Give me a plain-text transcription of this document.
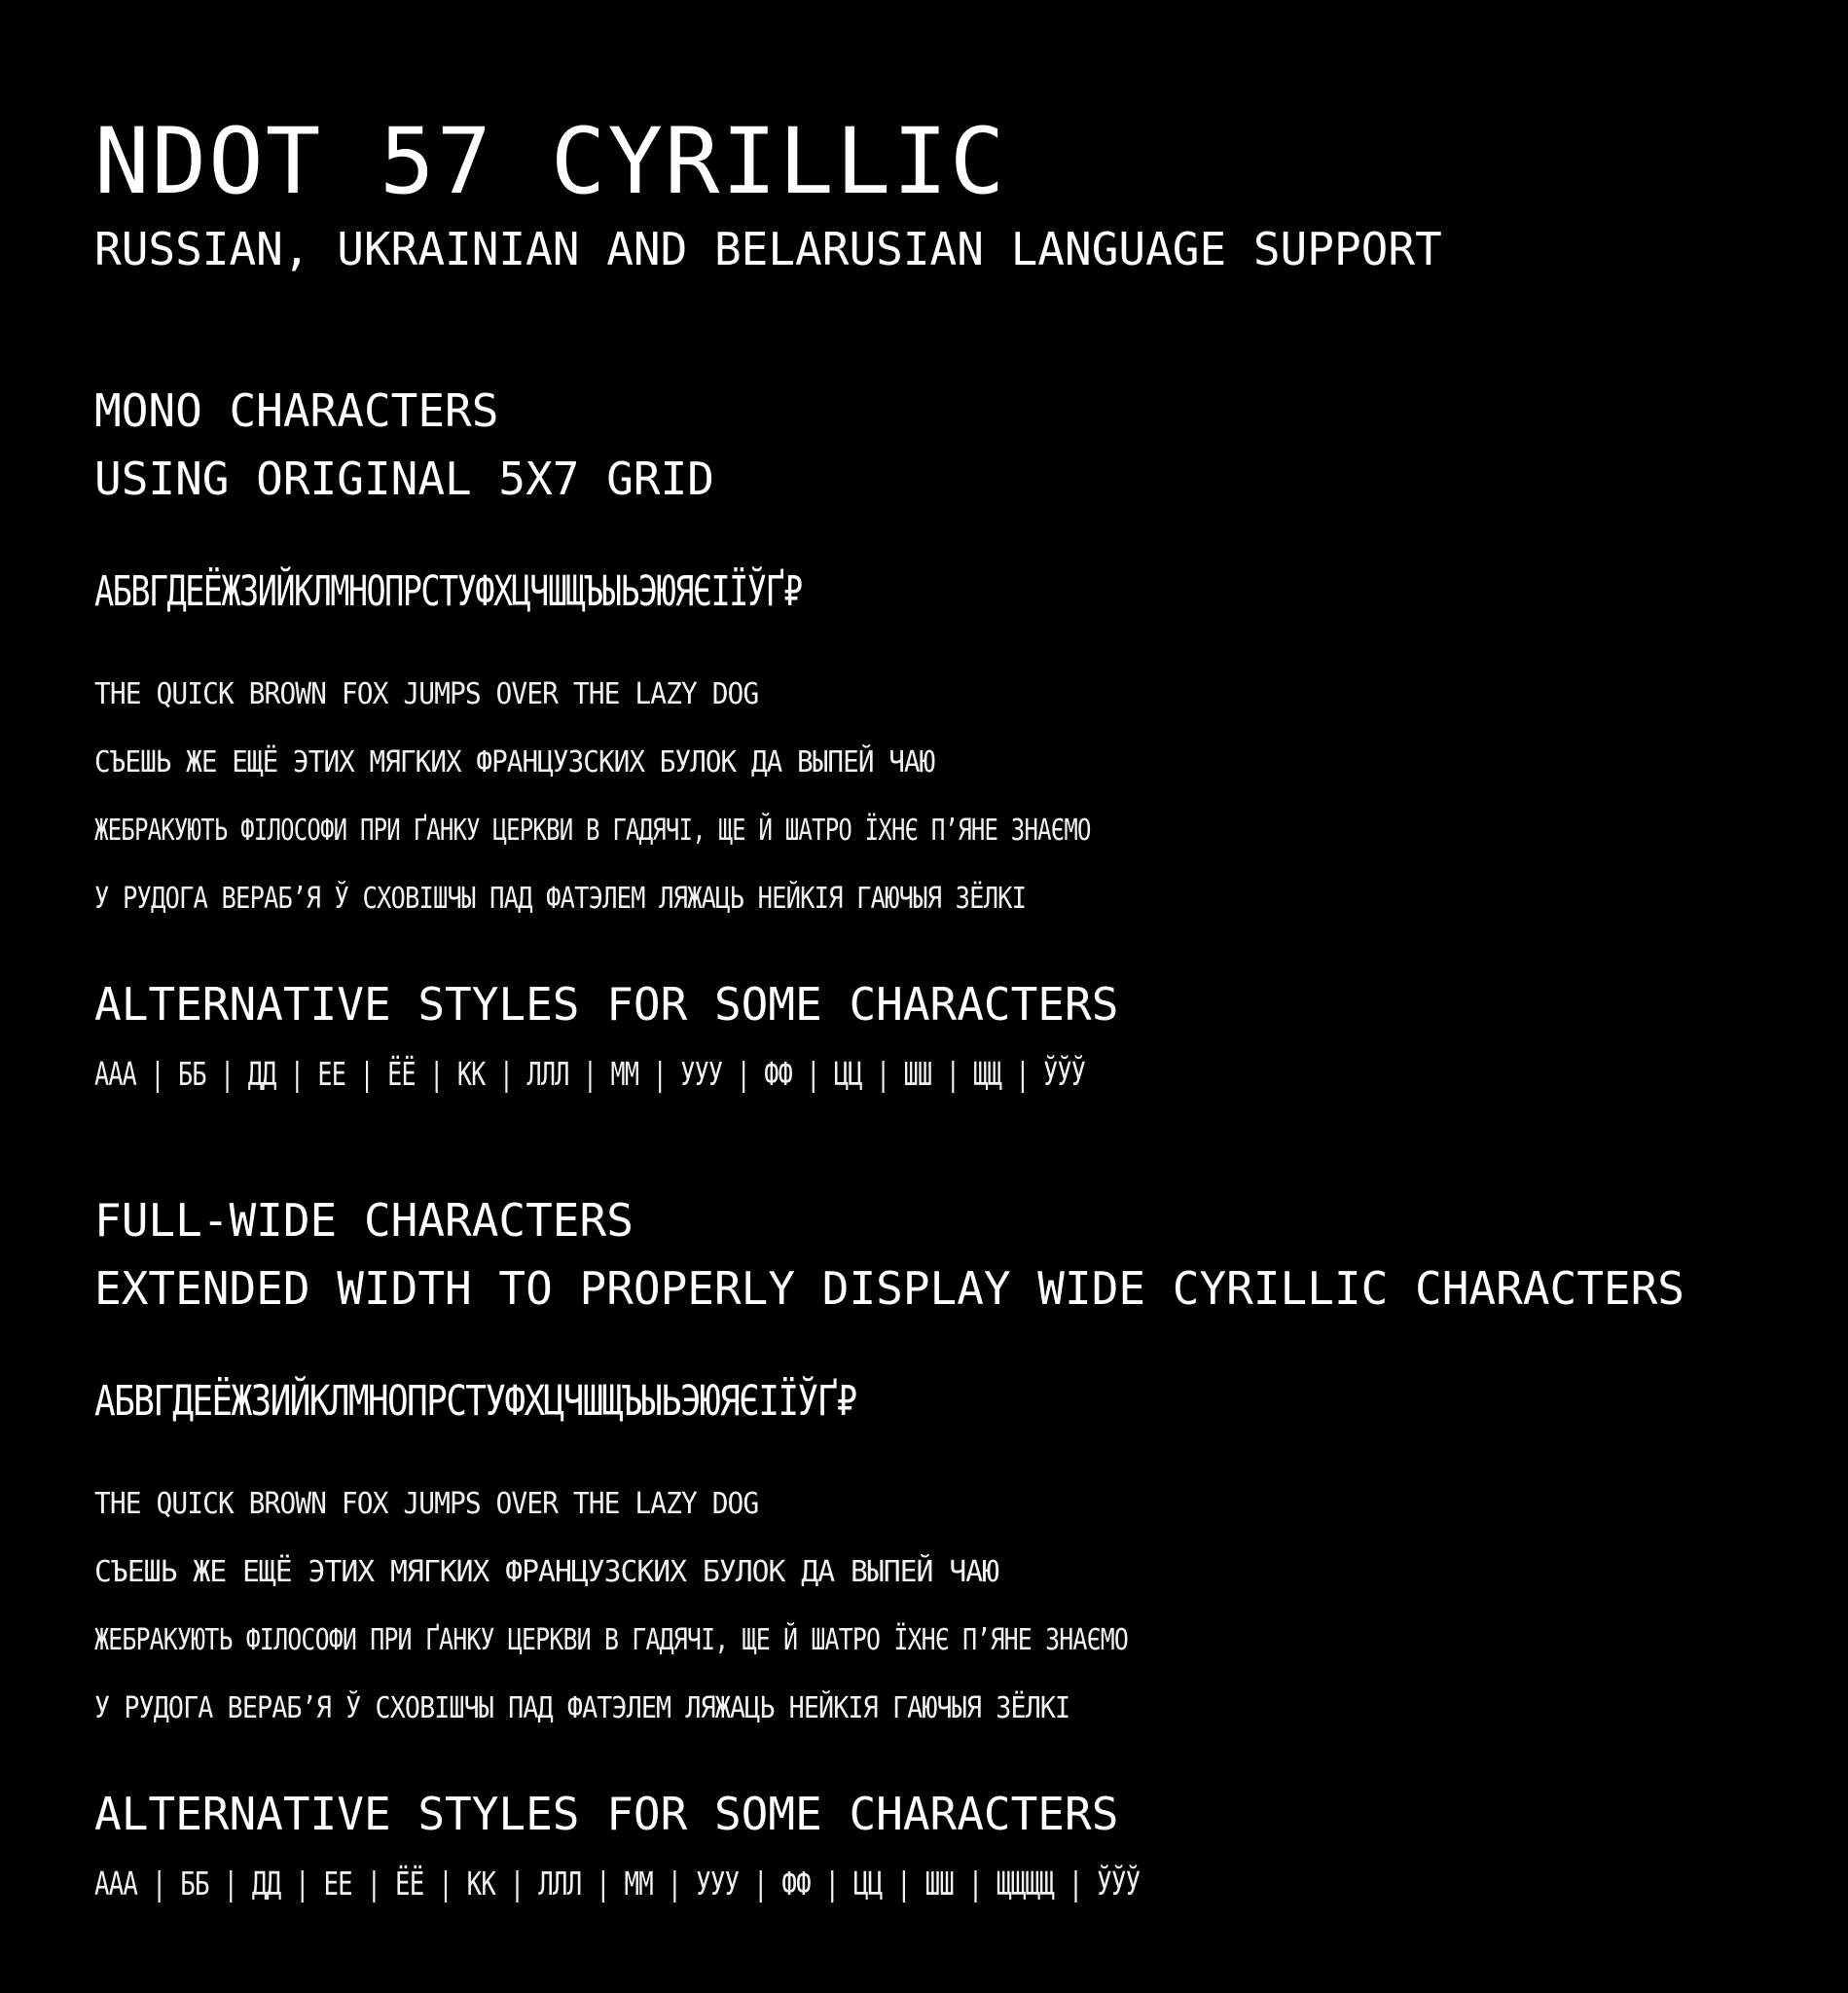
NDOT 57 CYRILLIC
RUSSIAN, UKRAINIAN AND BELARUSIAN LANGUAGE SUPPORT
MONO CHARACTERS
USING ORIGINAL 5X7 GRID
АБВГДЕЁЖЗИЙКЛМНОПРСТУФХЦЧШЩЪЫЬЭЮЯЄІЇЎҐ₽
THE QUICK BROWN FOX JUMPS OVER THE LAZY DOG
СЪЕШЬ ЖЕ ЕЩЁ ЭТИХ МЯГКИХ ФРАНЦУЗСКИХ БУЛОК ДА ВЫПЕЙ ЧАЮ
ЖЕБРАКУЮТЬ ФІЛОСОФИ ПРИ ҐАНКУ ЦЕРКВИ В ГАДЯЧІ, ЩЕ Й ШАТРО ЇХНЄ П’ЯНЕ ЗНАЄМО
У РУДОГА ВЕРАБ’Я Ў СХОВІШЧЫ ПАД ФАТЭЛЕМ ЛЯЖАЦЬ НЕЙКІЯ ГАЮЧЫЯ ЗЁЛКІ
ALTERNATIVE STYLES FOR SOME CHARACTERS
ААА | ББ | ДД | ЕЕ | ЁЁ | КК | ЛЛЛ | ММ | УУУ | ФФ | ЦЦ | ШШ | ЩЩ | ЎЎЎ
FULL-WIDE CHARACTERS
EXTENDED WIDTH TO PROPERLY DISPLAY WIDE CYRILLIC CHARACTERS
АБВГДЕЁЖЗИЙКЛМНОПРСТУФХЦЧШЩЪЫЬЭЮЯЄІЇЎҐ₽
THE QUICK BROWN FOX JUMPS OVER THE LAZY DOG
СЪЕШЬ ЖЕ ЕЩЁ ЭТИХ МЯГКИХ ФРАНЦУЗСКИХ БУЛОК ДА ВЫПЕЙ ЧАЮ
ЖЕБРАКУЮТЬ ФІЛОСОФИ ПРИ ҐАНКУ ЦЕРКВИ В ГАДЯЧІ, ЩЕ Й ШАТРО ЇХНЄ П’ЯНЕ ЗНАЄМО
У РУДОГА ВЕРАБ’Я Ў СХОВІШЧЫ ПАД ФАТЭЛЕМ ЛЯЖАЦЬ НЕЙКІЯ ГАЮЧЫЯ ЗЁЛКІ
ALTERNATIVE STYLES FOR SOME CHARACTERS
ААА | ББ | ДД | ЕЕ | ЁЁ | КК | ЛЛЛ | ММ | УУУ | ФФ | ЦЦ | ШШ | ЩЩЩЩ | ЎЎЎ
